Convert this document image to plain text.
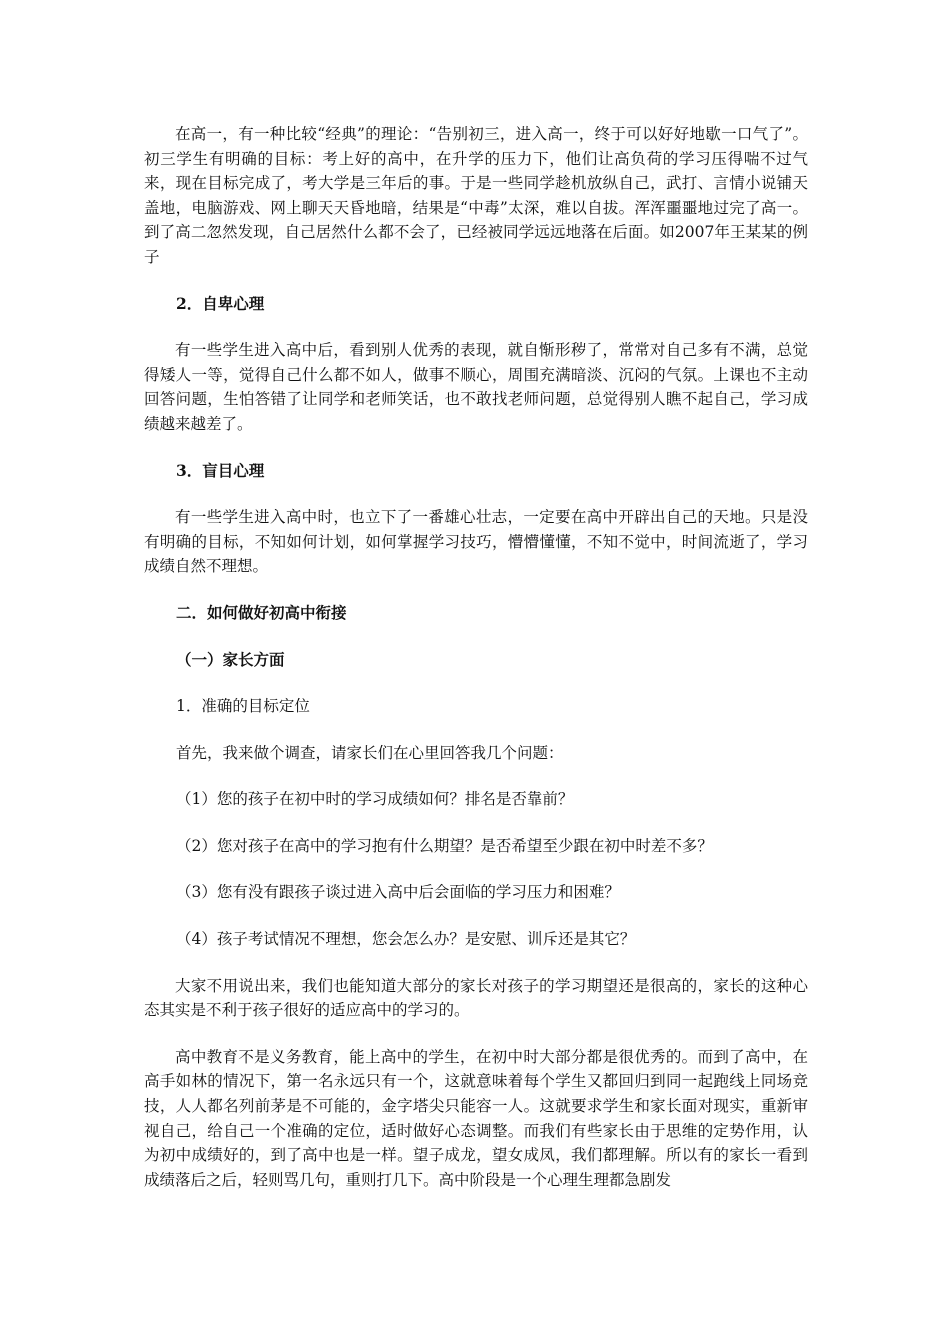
在高一，有一种比较“经典”的理论：“告别初三，进入高一，终于可以好好地歇一口气了”。初三学生有明确的目标：考上好的高中，在升学的压力下，他们让高负荷的学习压得喘不过气来，现在目标完成了，考大学是三年后的事。于是一些同学趁机放纵自己，武打、言情小说铺天盖地，电脑游戏、网上聊天天昏地暗，结果是“中毒”太深，难以自拔。浑浑噩噩地过完了高一。到了高二忽然发现，自己居然什么都不会了，已经被同学远远地落在后面。如2007年王某某的例子

2．自卑心理

有一些学生进入高中后，看到别人优秀的表现，就自惭形秽了，常常对自己多有不满，总觉得矮人一等，觉得自己什么都不如人，做事不顺心，周围充满暗淡、沉闷的气氛。上课也不主动回答问题，生怕答错了让同学和老师笑话，也不敢找老师问题，总觉得别人瞧不起自己，学习成绩越来越差了。

3．盲目心理

有一些学生进入高中时，也立下了一番雄心壮志，一定要在高中开辟出自己的天地。只是没有明确的目标，不知如何计划，如何掌握学习技巧，懵懵懂懂，不知不觉中，时间流逝了，学习成绩自然不理想。

二．如何做好初高中衔接

（一）家长方面

1．准确的目标定位

首先，我来做个调查，请家长们在心里回答我几个问题：

（1）您的孩子在初中时的学习成绩如何？排名是否靠前？

（2）您对孩子在高中的学习抱有什么期望？是否希望至少跟在初中时差不多？

（3）您有没有跟孩子谈过进入高中后会面临的学习压力和困难？

（4）孩子考试情况不理想，您会怎么办？是安慰、训斥还是其它？

大家不用说出来，我们也能知道大部分的家长对孩子的学习期望还是很高的，家长的这种心态其实是不利于孩子很好的适应高中的学习的。

高中教育不是义务教育，能上高中的学生，在初中时大部分都是很优秀的。而到了高中，在高手如林的情况下，第一名永远只有一个，这就意味着每个学生又都回归到同一起跑线上同场竞技，人人都名列前茅是不可能的，金字塔尖只能容一人。这就要求学生和家长面对现实，重新审视自己，给自己一个准确的定位，适时做好心态调整。而我们有些家长由于思维的定势作用，认为初中成绩好的，到了高中也是一样。望子成龙，望女成凤，我们都理解。所以有的家长一看到成绩落后之后，轻则骂几句，重则打几下。高中阶段是一个心理生理都急剧发
